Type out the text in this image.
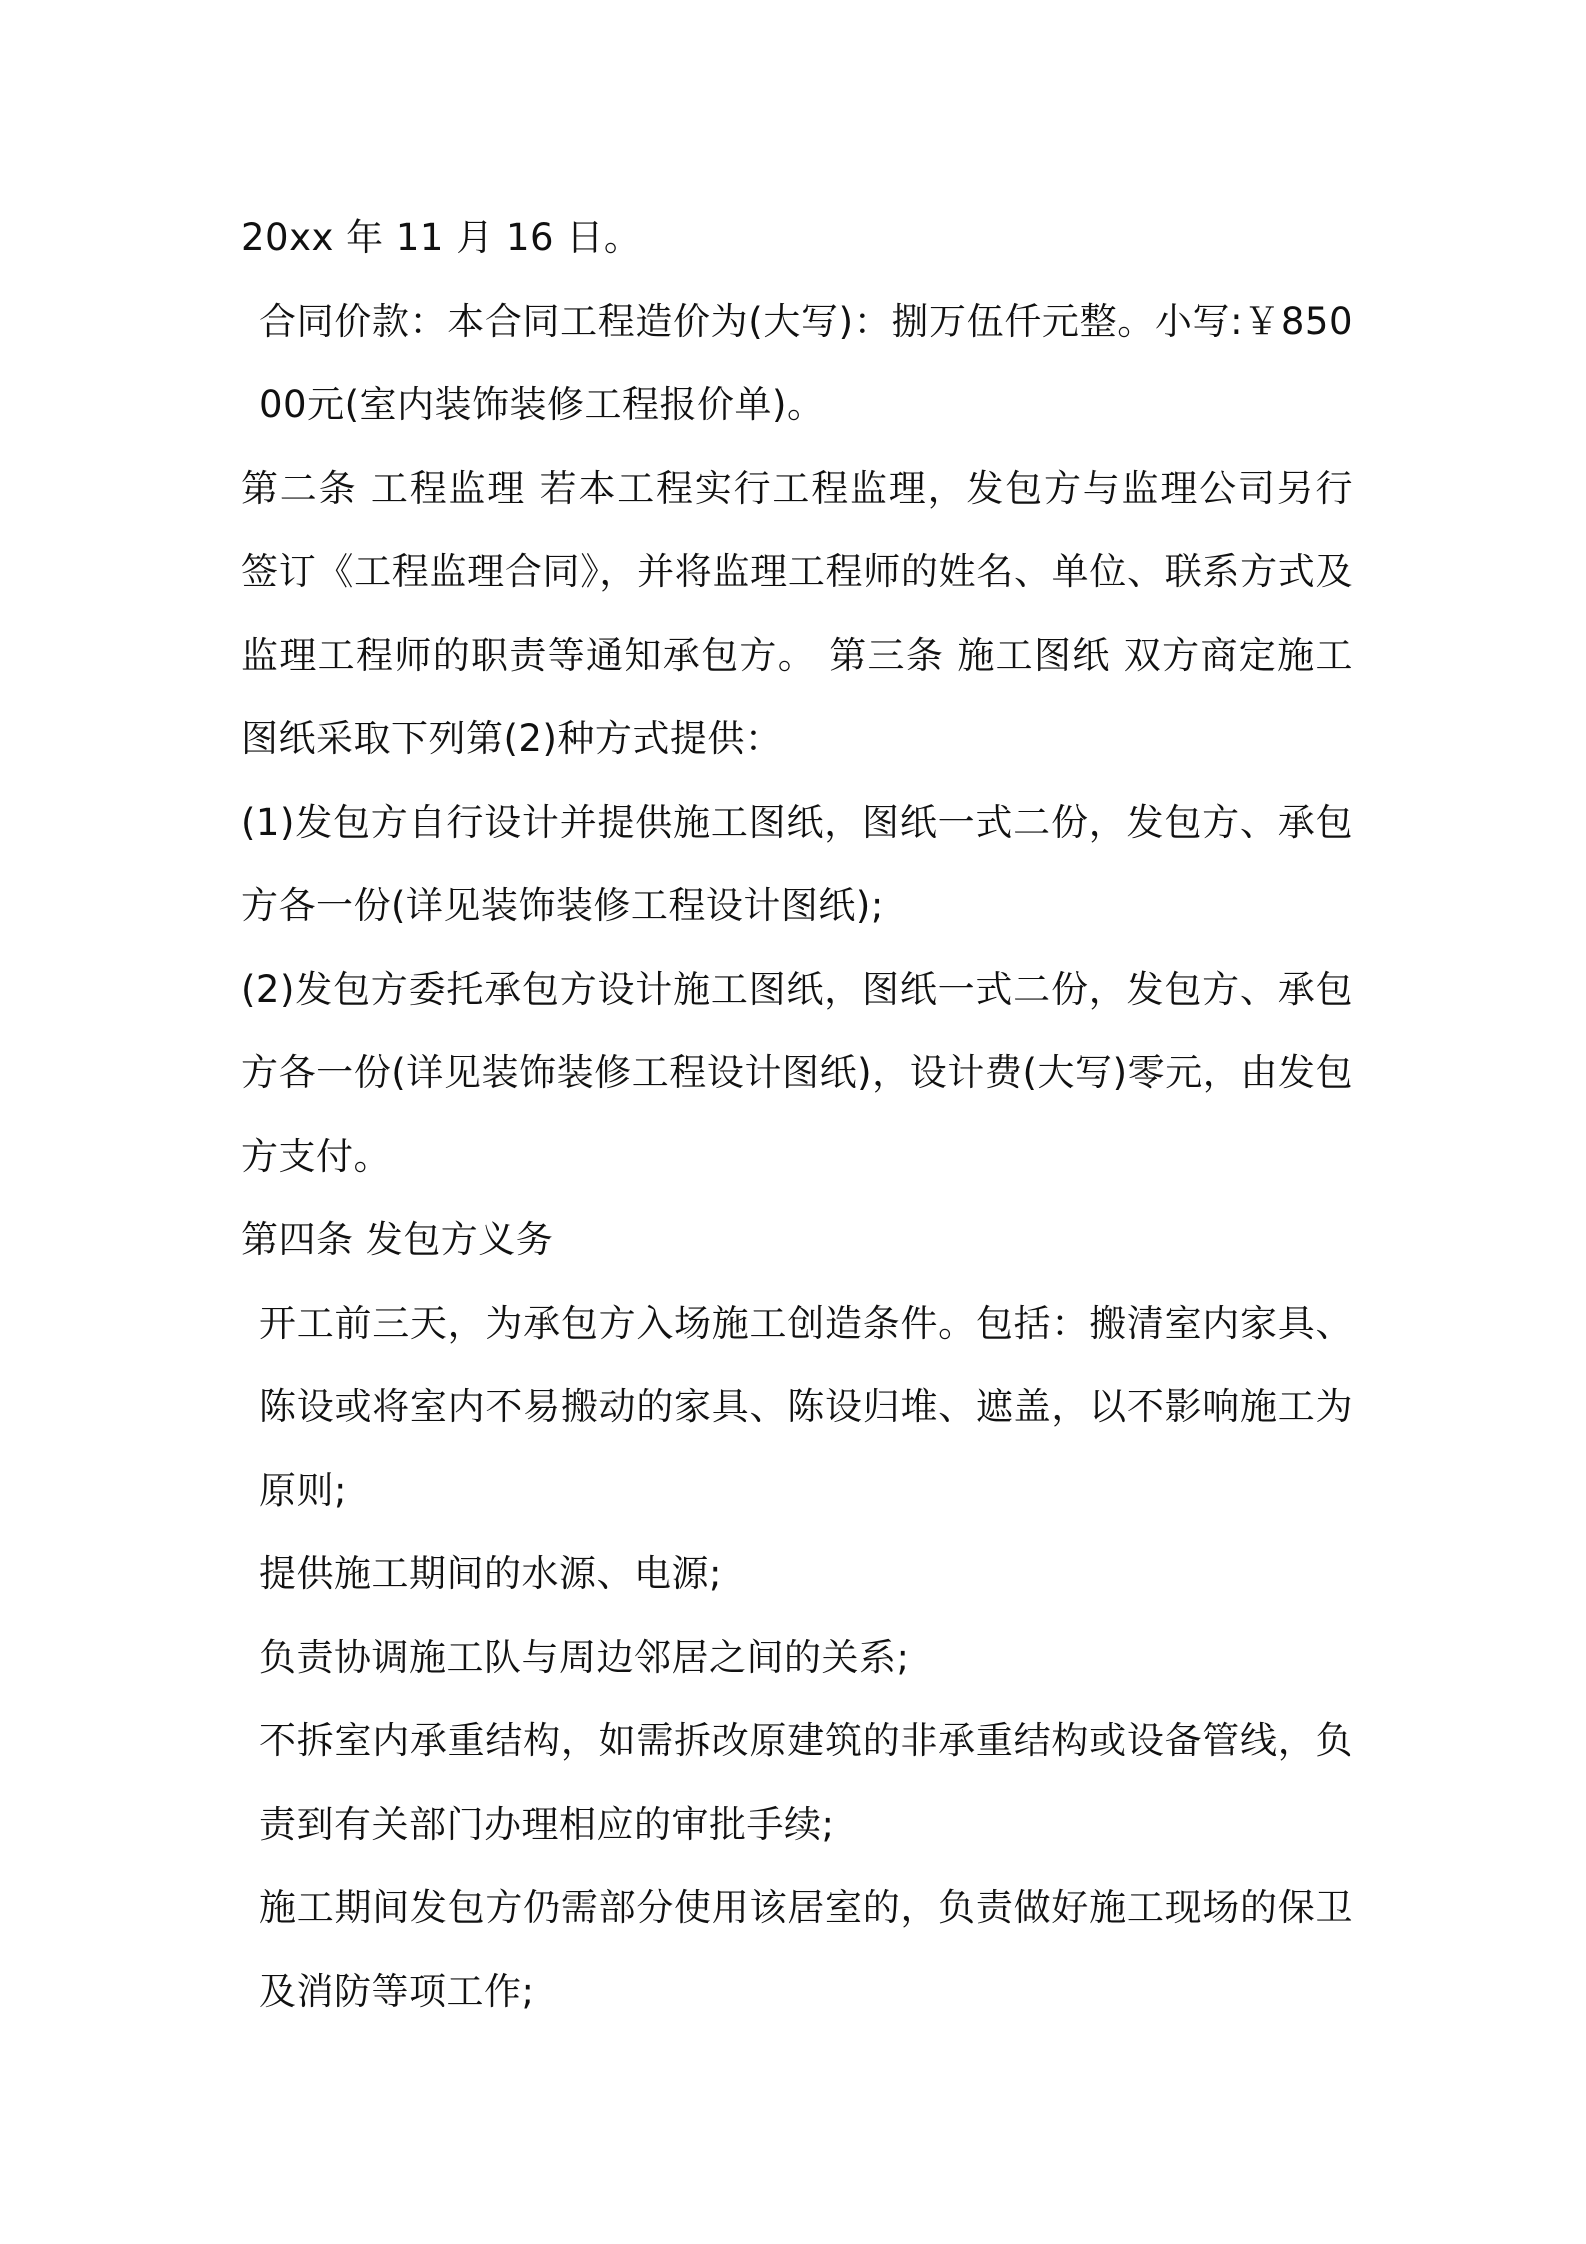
20xx 年 11 月 16 日。

合同价款：本合同工程造价为(大写)：捌万伍仟元整。小写:￥85000元(室内装饰装修工程报价单)。

第二条 工程监理 若本工程实行工程监理，发包方与监理公司另行签订《工程监理合同》，并将监理工程师的姓名、单位、联系方式及监理工程师的职责等通知承包方。 第三条 施工图纸 双方商定施工图纸采取下列第(2)种方式提供：

(1)发包方自行设计并提供施工图纸，图纸一式二份，发包方、承包方各一份(详见装饰装修工程设计图纸);

(2)发包方委托承包方设计施工图纸，图纸一式二份，发包方、承包方各一份(详见装饰装修工程设计图纸)，设计费(大写)零元，由发包方支付。

第四条 发包方义务

开工前三天，为承包方入场施工创造条件。包括：搬清室内家具、陈设或将室内不易搬动的家具、陈设归堆、遮盖，以不影响施工为原则;

提供施工期间的水源、电源;

负责协调施工队与周边邻居之间的关系;

不拆室内承重结构，如需拆改原建筑的非承重结构或设备管线，负责到有关部门办理相应的审批手续;

施工期间发包方仍需部分使用该居室的，负责做好施工现场的保卫及消防等项工作;
